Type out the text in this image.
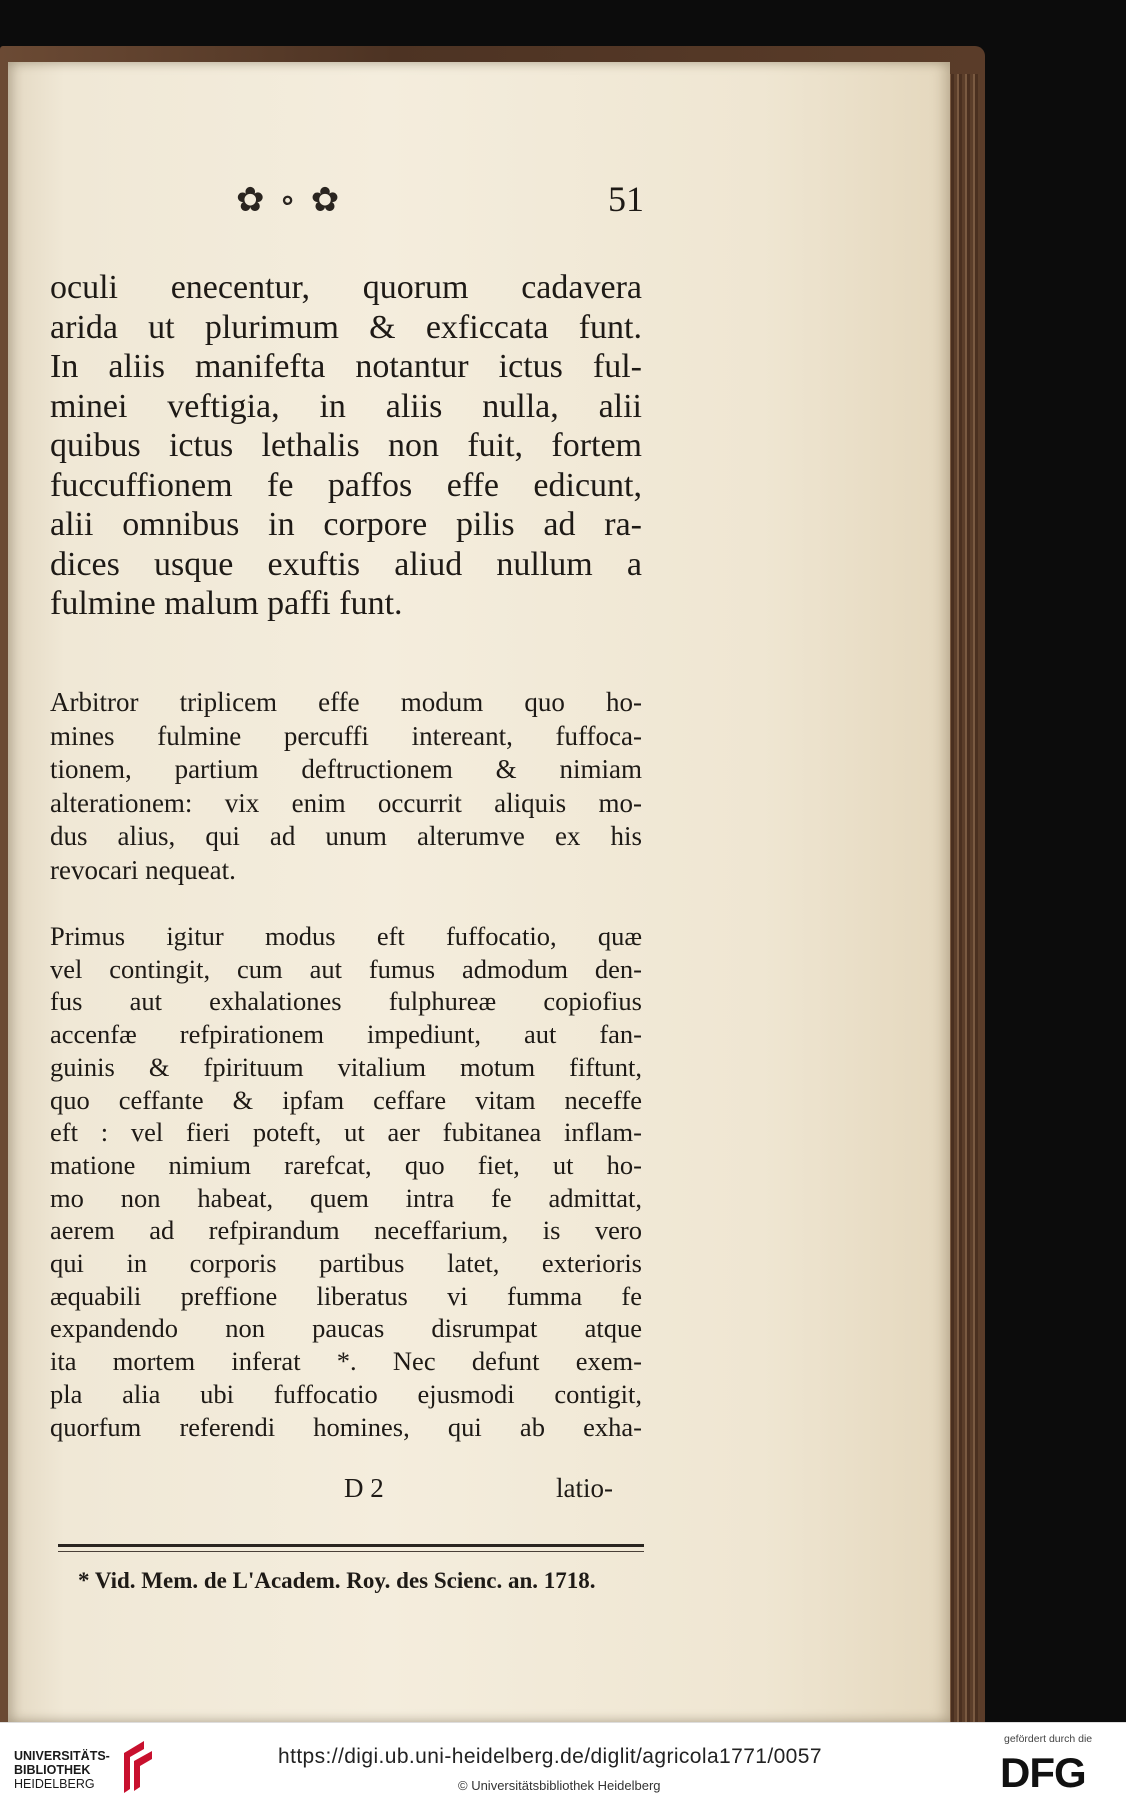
✿ ∘ ✿	51
oculi enecentur, quorum cadavera
arida ut plurimum & exficcata funt.
In aliis manifefta notantur ictus ful-
minei veftigia, in aliis nulla, alii
quibus ictus lethalis non fuit, fortem
fuccuffionem fe paffos effe edicunt,
alii omnibus in corpore pilis ad ra-
dices usque exuftis aliud nullum a
fulmine malum paffi funt.
Arbitror triplicem effe modum quo ho-
mines fulmine percuffi intereant, fuffoca-
tionem, partium deftructionem & nimiam
alterationem: vix enim occurrit aliquis mo-
dus alius, qui ad unum alterumve ex his
revocari nequeat.
Primus igitur modus eft fuffocatio, quæ
vel contingit, cum aut fumus admodum den-
fus aut exhalationes fulphureæ copiofius
accenfæ refpirationem impediunt, aut fan-
guinis & fpirituum vitalium motum fiftunt,
quo ceffante & ipfam ceffare vitam neceffe
eft : vel fieri poteft, ut aer fubitanea inflam-
matione nimium rarefcat, quo fiet, ut ho-
mo non habeat, quem intra fe admittat,
aerem ad refpirandum neceffarium, is vero
qui in corporis partibus latet, exterioris
æquabili preffione liberatus vi fumma fe
expandendo non paucas disrumpat atque
ita mortem inferat *. Nec defunt exem-
pla alia ubi fuffocatio ejusmodi contigit,
quorfum referendi homines, qui ab exha-
D 2	latio-
* Vid. Mem. de L'Academ. Roy. des Scienc. an. 1718.
UNIVERSITÄTS-
BIBLIOTHEK
HEIDELBERG
https://digi.ub.uni-heidelberg.de/diglit/agricola1771/0057
© Universitätsbibliothek Heidelberg
gefördert durch die
DFG
